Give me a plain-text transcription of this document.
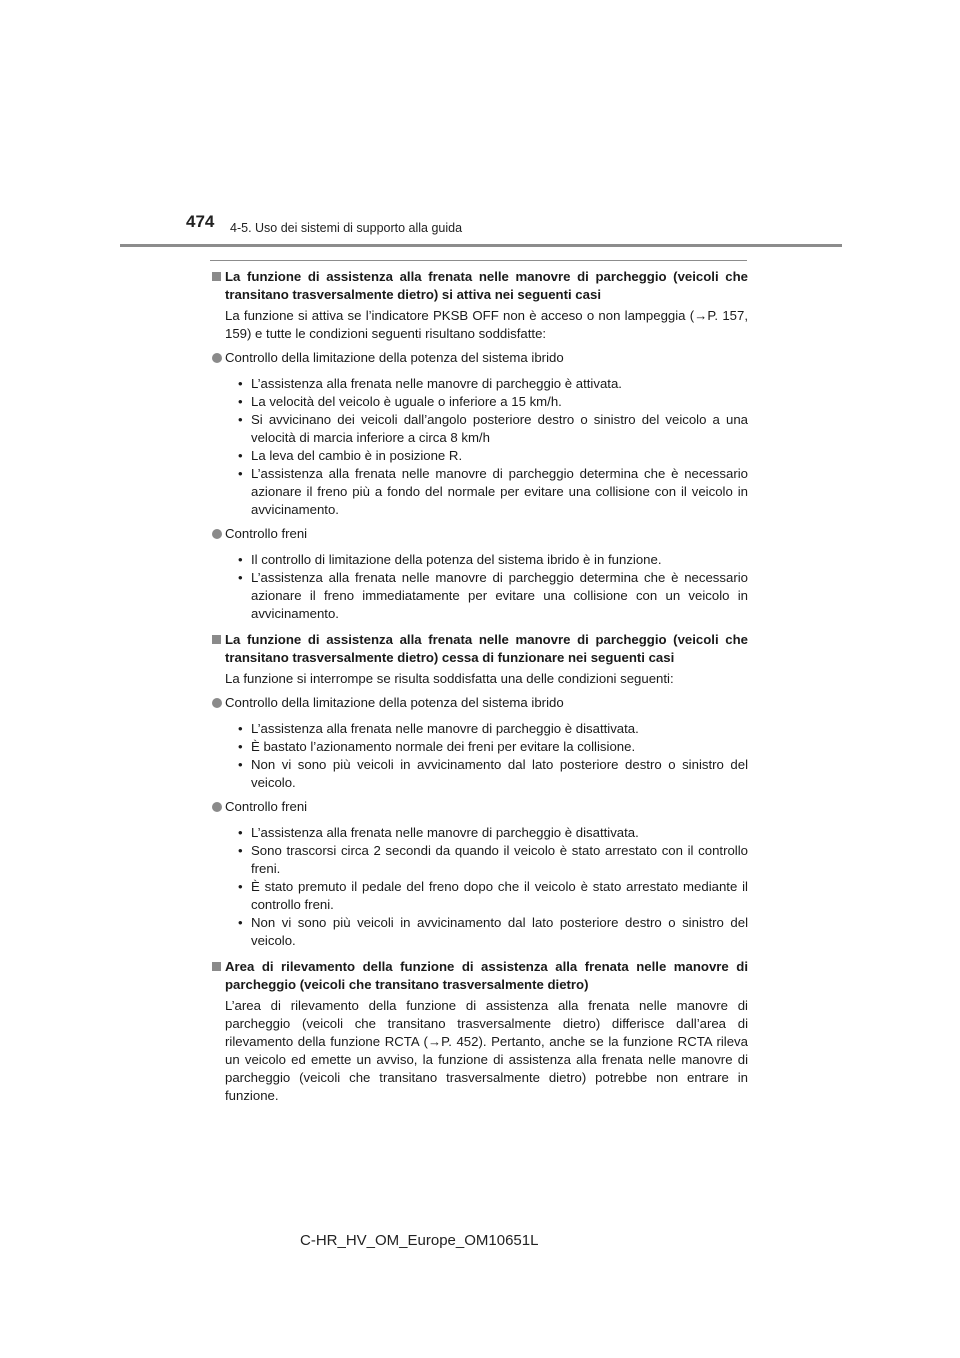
474 4-5. Uso dei sistemi di supporto alla guida
La funzione di assistenza alla frenata nelle manovre di parcheggio (veicoli che transitano trasversalmente dietro) si attiva nei seguenti casi

La funzione si attiva se l’indicatore PKSB OFF non è acceso o non lampeggia (→P. 157, 159) e tutte le condizioni seguenti risultano soddisfatte:

Controllo della limitazione della potenza del sistema ibrido
• L’assistenza alla frenata nelle manovre di parcheggio è attivata.
• La velocità del veicolo è uguale o inferiore a 15 km/h.
• Si avvicinano dei veicoli dall’angolo posteriore destro o sinistro del veicolo a una velocità di marcia inferiore a circa 8 km/h
• La leva del cambio è in posizione R.
• L’assistenza alla frenata nelle manovre di parcheggio determina che è necessario azionare il freno più a fondo del normale per evitare una collisione con il veicolo in avvicinamento.
Controllo freni
• Il controllo di limitazione della potenza del sistema ibrido è in funzione.
• L’assistenza alla frenata nelle manovre di parcheggio determina che è necessario azionare il freno immediatamente per evitare una collisione con un veicolo in avvicinamento.
La funzione di assistenza alla frenata nelle manovre di parcheggio (veicoli che transitano trasversalmente dietro) cessa di funzionare nei seguenti casi

La funzione si interrompe se risulta soddisfatta una delle condizioni seguenti:

Controllo della limitazione della potenza del sistema ibrido
• L’assistenza alla frenata nelle manovre di parcheggio è disattivata.
• È bastato l’azionamento normale dei freni per evitare la collisione.
• Non vi sono più veicoli in avvicinamento dal lato posteriore destro o sinistro del veicolo.
Controllo freni
• L’assistenza alla frenata nelle manovre di parcheggio è disattivata.
• Sono trascorsi circa 2 secondi da quando il veicolo è stato arrestato con il controllo freni.
• È stato premuto il pedale del freno dopo che il veicolo è stato arrestato mediante il controllo freni.
• Non vi sono più veicoli in avvicinamento dal lato posteriore destro o sinistro del veicolo.
Area di rilevamento della funzione di assistenza alla frenata nelle manovre di parcheggio (veicoli che transitano trasversalmente dietro)

L’area di rilevamento della funzione di assistenza alla frenata nelle manovre di parcheggio (veicoli che transitano trasversalmente dietro) differisce dall’area di rilevamento della funzione RCTA (→P. 452). Pertanto, anche se la funzione RCTA rileva un veicolo ed emette un avviso, la funzione di assistenza alla frenata nelle manovre di parcheggio (veicoli che transitano trasversalmente dietro) potrebbe non entrare in funzione.

C-HR_HV_OM_Europe_OM10651L
